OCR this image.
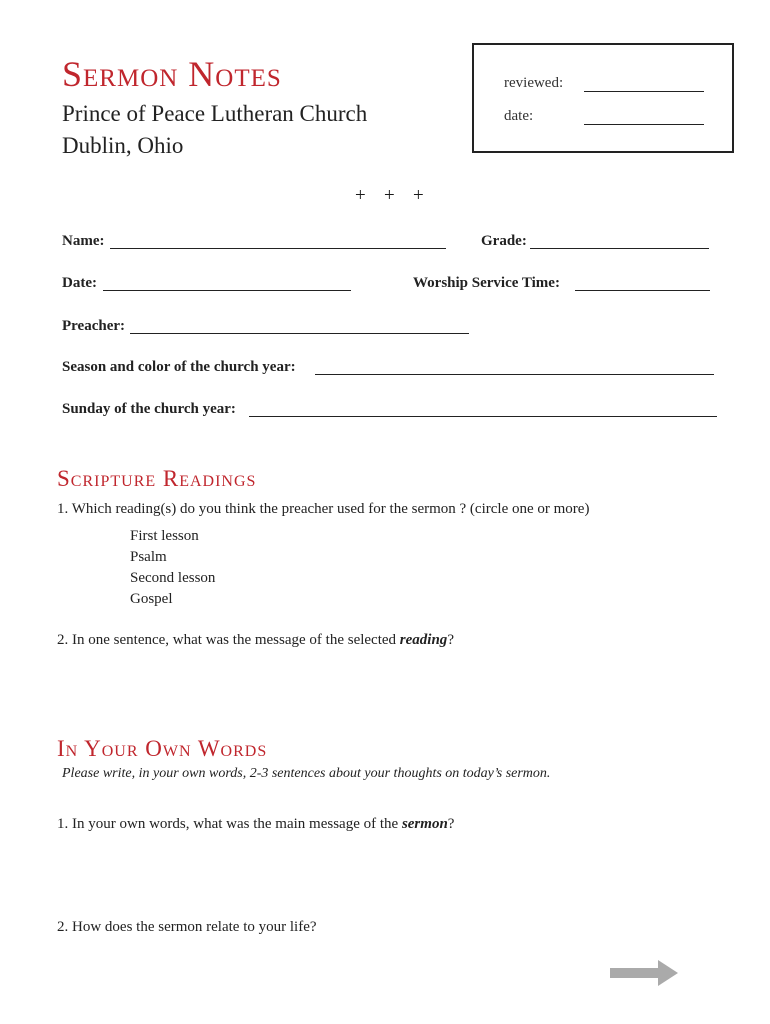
Sermon Notes
Prince of Peace Lutheran Church
Dublin, Ohio
reviewed:
date:
+ + +
Name:	Grade:
Date:	Worship Service Time:
Preacher:
Season and color of the church year:
Sunday of the church year:
Scripture Readings
1. Which reading(s) do you think the preacher used for the sermon ? (circle one or more)
First lesson
Psalm
Second lesson
Gospel
2. In one sentence, what was the message of the selected reading?
In Your Own Words
Please write, in your own words, 2-3 sentences about your thoughts on today’s sermon.
1. In your own words, what was the main message of the sermon?
2. How does the sermon relate to your life?
